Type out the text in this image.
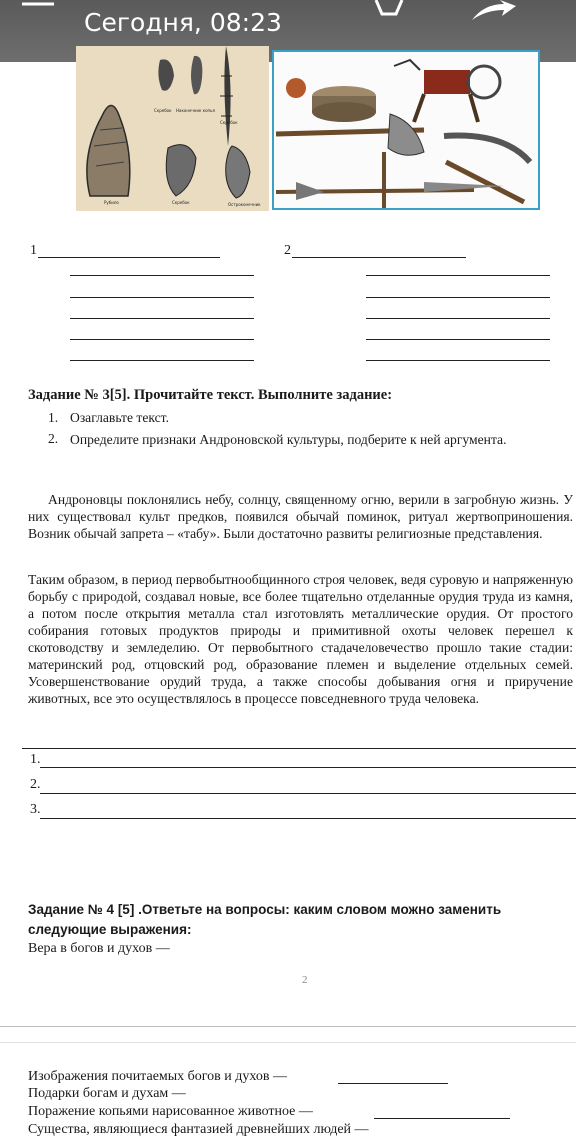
Сегодня, 08:23
Скребок Наконечник копья
Скребок
Рубило	Скребок	Остроконечник
1	2
Задание № 3[5]. Прочитайте текст. Выполните задание:
1. Озаглавьте текст.
2. Определите признаки Андроновской культуры, подберите к ней аргумента.
Андроновцы поклонялись небу, солнцу, священному огню, верили в загробную жизнь. У них существовал культ предков, появился обычай поминок, ритуал жертвоприношения. Возник обычай запрета – «табу». Были достаточно развиты религиозные представления.
Таким образом, в период первобытнообщинного строя человек, ведя суровую и напряженную борьбу с природой, создавал новые, все более тщательно отделанные орудия труда из камня, а потом после открытия металла стал изготовлять металлические орудия. От простого собирания готовых продуктов природы и примитивной охоты человек перешел к скотоводству и земледелию. От первобытного стадачеловечество прошло такие стадии: материнский род, отцовский род, образование племен и выделение отдельных семей. Усовершенствование орудий труда, а также способы добывания огня и приручение животных, все это осуществлялось в процессе повседневного труда человека.
1.
2.
3.
Задание № 4 [5] .Ответьте на вопросы: каким словом можно заменить
следующие выражения:
Вера в богов и духов —
2
Изображения почитаемых богов и духов —
Подарки богам и духам —
Поражение копьями нарисованное животное —
Существа, являющиеся фантазией древнейших людей —
